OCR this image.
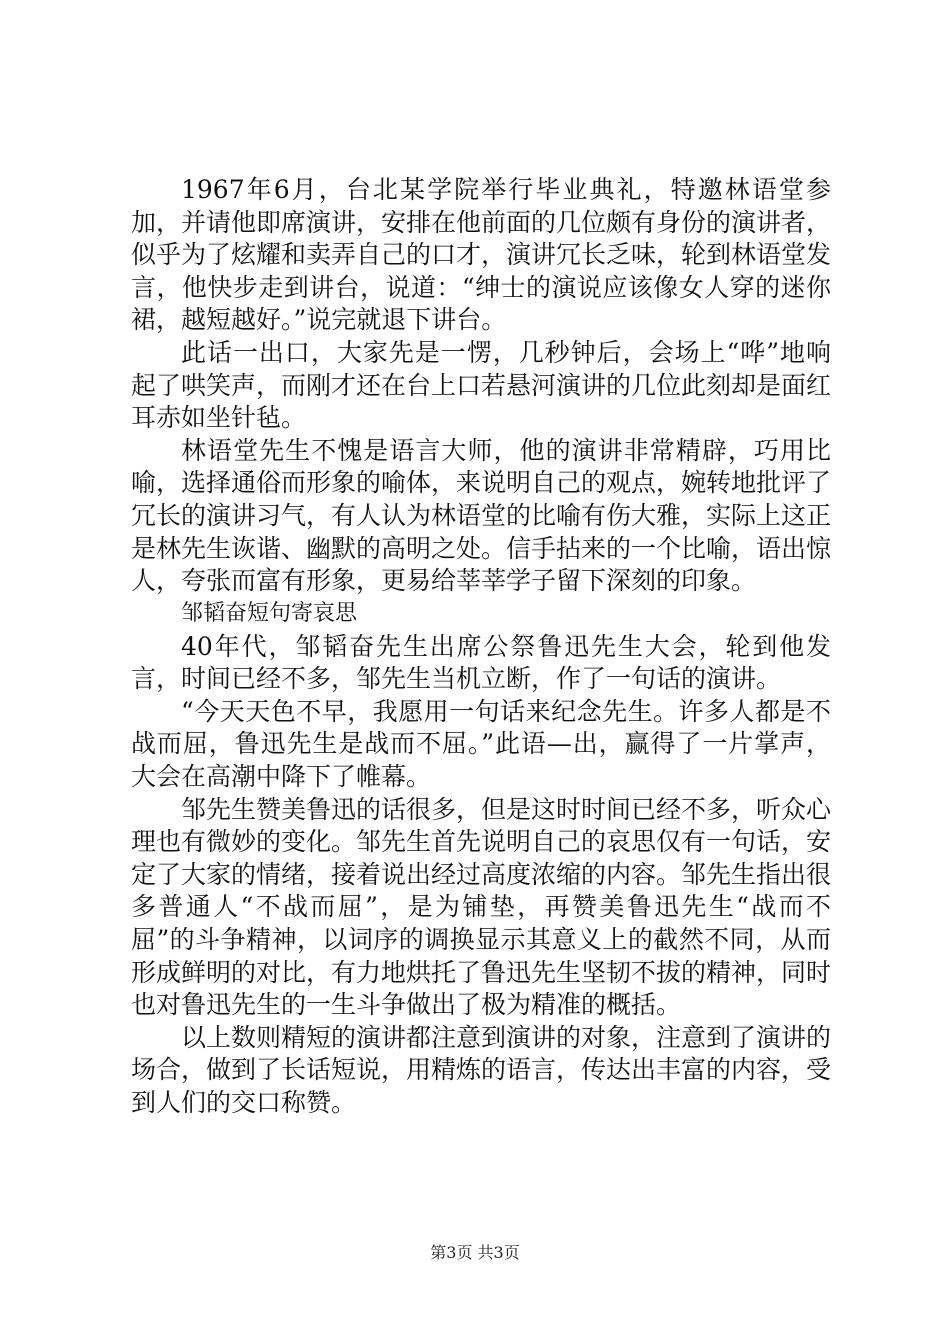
1967年6月，台北某学院举行毕业典礼，特邀林语堂参加，并请他即席演讲，安排在他前面的几位颇有身份的演讲者，似乎为了炫耀和卖弄自己的口才，演讲冗长乏味，轮到林语堂发言，他快步走到讲台，说道：“绅士的演说应该像女人穿的迷你裙，越短越好。”说完就退下讲台。

此话一出口，大家先是一愣，几秒钟后，会场上“哗”地响起了哄笑声，而刚才还在台上口若悬河演讲的几位此刻却是面红耳赤如坐针毡。

林语堂先生不愧是语言大师，他的演讲非常精辟，巧用比喻，选择通俗而形象的喻体，来说明自己的观点，婉转地批评了冗长的演讲习气，有人认为林语堂的比喻有伤大雅，实际上这正是林先生诙谐、幽默的高明之处。信手拈来的一个比喻，语出惊人，夸张而富有形象，更易给莘莘学子留下深刻的印象。

邹韬奋短句寄哀思

40年代，邹韬奋先生出席公祭鲁迅先生大会，轮到他发言，时间已经不多，邹先生当机立断，作了一句话的演讲。

“今天天色不早，我愿用一句话来纪念先生。许多人都是不战而屈，鲁迅先生是战而不屈。”此语—出，赢得了一片掌声，大会在高潮中降下了帷幕。

邹先生赞美鲁迅的话很多，但是这时时间已经不多，听众心理也有微妙的变化。邹先生首先说明自己的哀思仅有一句话，安定了大家的情绪，接着说出经过高度浓缩的内容。邹先生指出很多普通人“不战而屈”，是为铺垫，再赞美鲁迅先生“战而不屈”的斗争精神，以词序的调换显示其意义上的截然不同，从而形成鲜明的对比，有力地烘托了鲁迅先生坚韧不拔的精神，同时也对鲁迅先生的一生斗争做出了极为精准的概括。

以上数则精短的演讲都注意到演讲的对象，注意到了演讲的场合，做到了长话短说，用精炼的语言，传达出丰富的内容，受到人们的交口称赞。

第3页 共3页
